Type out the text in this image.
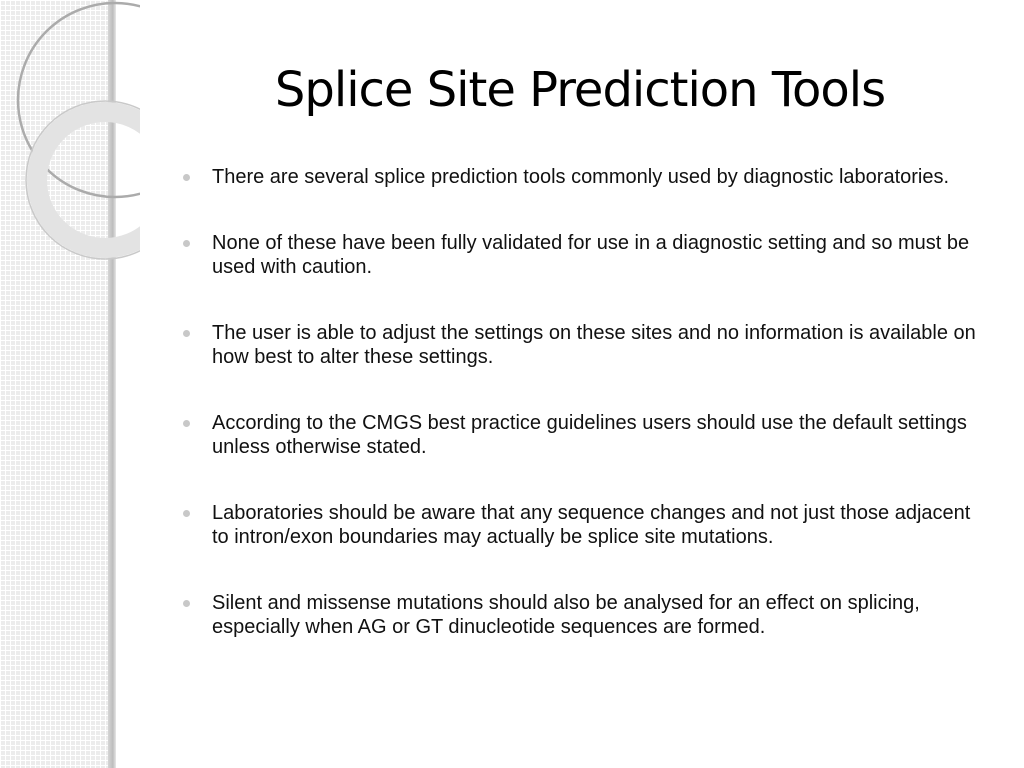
Splice Site Prediction Tools
There are several splice prediction tools commonly used by diagnostic laboratories.
None of these have been fully validated for use in a diagnostic setting and so must be used with caution.
The user is able to adjust the settings on these sites and no information is available on how best to alter these settings.
According to the CMGS best practice guidelines users should use the default settings unless otherwise stated.
Laboratories should be aware that any sequence changes and not just those adjacent to intron/exon boundaries may actually be splice site mutations.
Silent and missense mutations should also be analysed for an effect on splicing, especially when AG or GT dinucleotide sequences are formed.
